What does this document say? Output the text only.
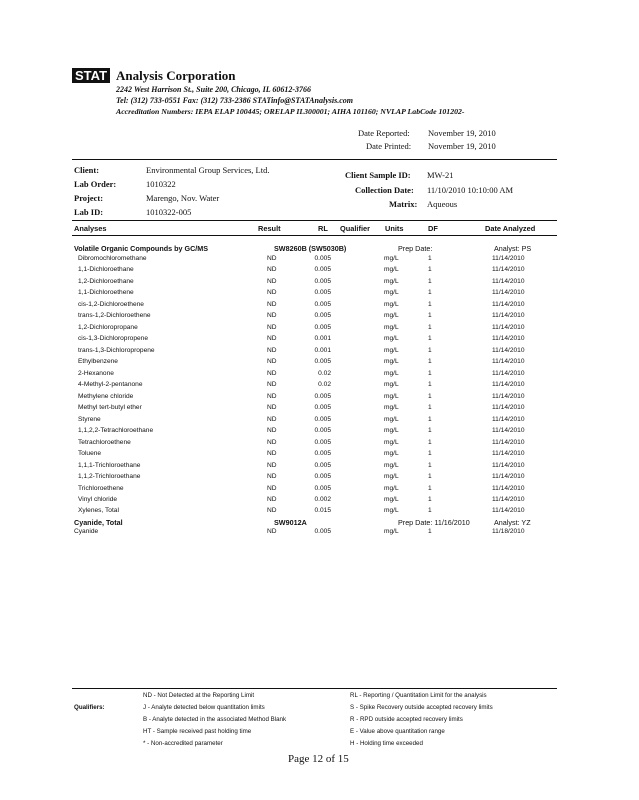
STAT Analysis Corporation
2242 West Harrison St., Suite 200, Chicago, IL 60612-3766
Tel: (312) 733-0551 Fax: (312) 733-2386 STATinfo@STATAnalysis.com
Accreditation Numbers: IEPA ELAP 100445; ORELAP IL300001; AIHA 101160; NVLAP LabCode 101202-
Date Reported: November 19, 2010
Date Printed: November 19, 2010
Client:	Environmental Group Services, Ltd.
Lab Order:	1010322
Project:	Marengo, Nov. Water
Lab ID:	1010322-005
Client Sample ID: MW-21
Collection Date: 11/10/2010 10:10:00 AM
Matrix: Aqueous
Analyses	Result	RL Qualifier Units	DF	Date Analyzed
Volatile Organic Compounds by GC/MS	SW8260B (SW5030B)	Prep Date:	Analyst: PS
Dibromochloromethane	ND	0.005	mg/L	1	11/14/2010
1,1-Dichloroethane	ND	0.005	mg/L	1	11/14/2010
1,2-Dichloroethane	ND	0.005	mg/L	1	11/14/2010
1,1-Dichloroethene	ND	0.005	mg/L	1	11/14/2010
cis-1,2-Dichloroethene	ND	0.005	mg/L	1	11/14/2010
trans-1,2-Dichloroethene	ND	0.005	mg/L	1	11/14/2010
1,2-Dichloropropane	ND	0.005	mg/L	1	11/14/2010
cis-1,3-Dichloropropene	ND	0.001	mg/L	1	11/14/2010
trans-1,3-Dichloropropene	ND	0.001	mg/L	1	11/14/2010
Ethylbenzene	ND	0.005	mg/L	1	11/14/2010
2-Hexanone	ND	0.02	mg/L	1	11/14/2010
4-Methyl-2-pentanone	ND	0.02	mg/L	1	11/14/2010
Methylene chloride	ND	0.005	mg/L	1	11/14/2010
Methyl tert-butyl ether	ND	0.005	mg/L	1	11/14/2010
Styrene	ND	0.005	mg/L	1	11/14/2010
1,1,2,2-Tetrachloroethane	ND	0.005	mg/L	1	11/14/2010
Tetrachloroethene	ND	0.005	mg/L	1	11/14/2010
Toluene	ND	0.005	mg/L	1	11/14/2010
1,1,1-Trichloroethane	ND	0.005	mg/L	1	11/14/2010
1,1,2-Trichloroethane	ND	0.005	mg/L	1	11/14/2010
Trichloroethene	ND	0.005	mg/L	1	11/14/2010
Vinyl chloride	ND	0.002	mg/L	1	11/14/2010
Xylenes, Total	ND	0.015	mg/L	1	11/14/2010
Cyanide, Total	SW9012A	Prep Date: 11/16/2010	Analyst: YZ
Cyanide	ND	0.005	mg/L	1	11/18/2010
Qualifiers:
ND - Not Detected at the Reporting Limit
J - Analyte detected below quantitation limits
B - Analyte detected in the associated Method Blank
HT - Sample received past holding time
* - Non-accredited parameter
RL - Reporting / Quantitation Limit for the analysis
S - Spike Recovery outside accepted recovery limits
R - RPD outside accepted recovery limits
E - Value above quantitation range
H - Holding time exceeded
Page 12 of 15
